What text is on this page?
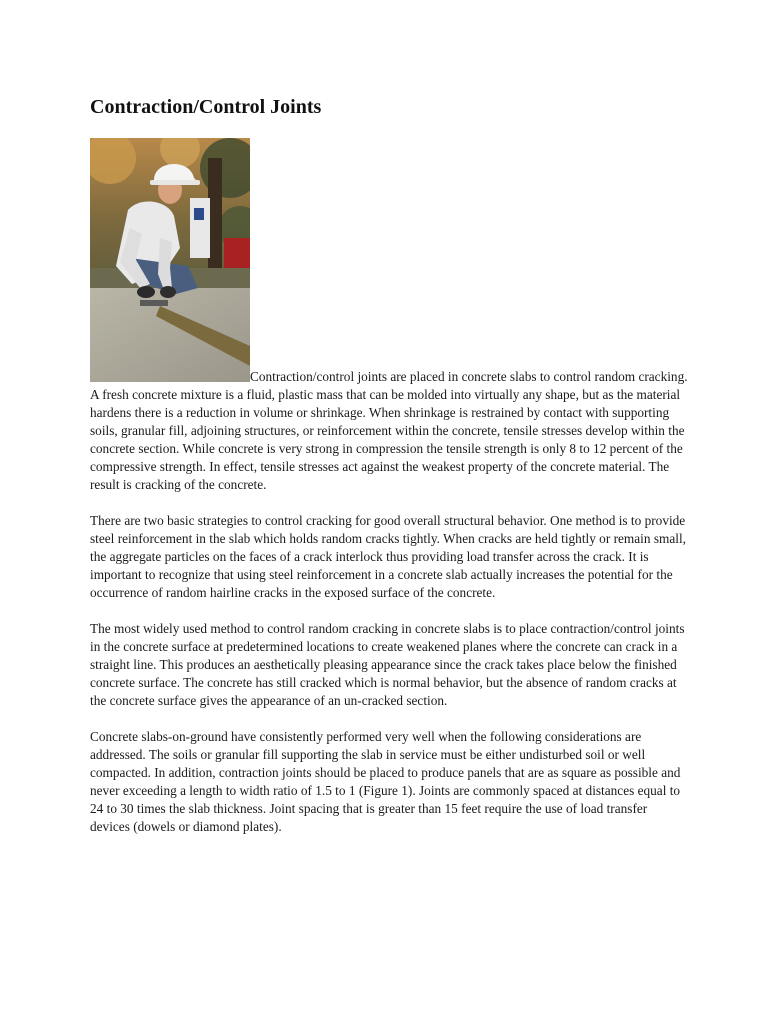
Contraction/Control Joints

Contraction/control joints are placed in concrete slabs to control random cracking. A fresh concrete mixture is a fluid, plastic mass that can be molded into virtually any shape, but as the material hardens there is a reduction in volume or shrinkage. When shrinkage is restrained by contact with supporting soils, granular fill, adjoining structures, or reinforcement within the concrete, tensile stresses develop within the concrete section. While concrete is very strong in compression the tensile strength is only 8 to 12 percent of the compressive strength. In effect, tensile stresses act against the weakest property of the concrete material. The result is cracking of the concrete.

There are two basic strategies to control cracking for good overall structural behavior. One method is to provide steel reinforcement in the slab which holds random cracks tightly. When cracks are held tightly or remain small, the aggregate particles on the faces of a crack interlock thus providing load transfer across the crack. It is important to recognize that using steel reinforcement in a concrete slab actually increases the potential for the occurrence of random hairline cracks in the exposed surface of the concrete.

The most widely used method to control random cracking in concrete slabs is to place contraction/control joints in the concrete surface at predetermined locations to create weakened planes where the concrete can crack in a straight line. This produces an aesthetically pleasing appearance since the crack takes place below the finished concrete surface. The concrete has still cracked which is normal behavior, but the absence of random cracks at the concrete surface gives the appearance of an un-cracked section.

Concrete slabs-on-ground have consistently performed very well when the following considerations are addressed. The soils or granular fill supporting the slab in service must be either undisturbed soil or well compacted. In addition, contraction joints should be placed to produce panels that are as square as possible and never exceeding a length to width ratio of 1.5 to 1 (Figure 1). Joints are commonly spaced at distances equal to 24 to 30 times the slab thickness. Joint spacing that is greater than 15 feet require the use of load transfer devices (dowels or diamond plates).
